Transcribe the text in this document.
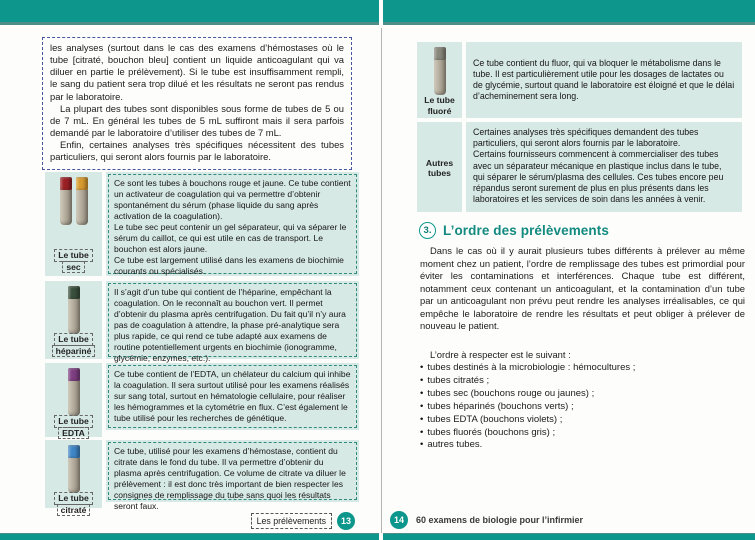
les analyses (surtout dans le cas des examens d’hémostases où le tube [citraté, bouchon bleu] contient un liquide anticoagulant qui va diluer en partie le prélèvement). Si le tube est insuffisamment rempli, le sang du patient sera trop dilué et les résultats ne seront pas rendus par le laboratoire.

La plupart des tubes sont disponibles sous forme de tubes de 5 ou de 7 mL. En général les tubes de 5 mL suffiront mais il sera parfois demandé par le laboratoire d’utiliser des tubes de 7 mL.

Enfin, certaines analyses très spécifiques nécessitent des tubes particuliers, qui seront alors fournis par le laboratoire.

Le tube
sec

Ce sont les tubes à bouchons rouge et jaune. Ce tube contient un activateur de coagulation qui va permettre d’obtenir spontanément du sérum (phase liquide du sang après activation de la coagulation).

Le tube sec peut contenir un gel séparateur, qui va séparer le sérum du caillot, ce qui est utile en cas de transport. Le bouchon est alors jaune.

Ce tube est largement utilisé dans les examens de biochimie courants ou spécialisés.

Le tube
hépariné

Il s’agit d’un tube qui contient de l’héparine, empêchant la coagulation. On le reconnaît au bouchon vert. Il permet d’obtenir du plasma après centrifugation. Du fait qu’il n’y aura pas de coagulation à attendre, la phase pré-analytique sera plus rapide, ce qui rend ce tube adapté aux examens de routine potentiellement urgents en biochimie (ionogramme, glycémie, enzymes, etc.).

Le tube
EDTA

Ce tube contient de l’EDTA, un chélateur du calcium qui inhibe la coagulation. Il sera surtout utilisé pour les examens réalisés sur sang total, surtout en hématologie cellulaire, pour réaliser les hémogrammes et la cytométrie en flux. C’est également le tube utilisé pour les recherches de génétique.

Le tube
citraté

Ce tube, utilisé pour les examens d’hémostase, contient du citrate dans le fond du tube. Il va permettre d’obtenir du plasma après centrifugation. Ce volume de citrate va diluer le prélèvement : il est donc très important de bien respecter les consignes de remplissage du tube sans quoi les résultats seront faux.

Les prélèvements	13
Le tube
fluoré

Ce tube contient du fluor, qui va bloquer le métabolisme dans le tube. Il est particulièrement utile pour les dosages de lactates ou de glycémie, surtout quand le laboratoire est éloigné et que le délai d’acheminement sera long.

Autres
tubes

Certaines analyses très spécifiques demandent des tubes particuliers, qui seront alors fournis par le laboratoire.

Certains fournisseurs commencent à commercialiser des tubes avec un séparateur mécanique en plastique inclus dans le tube, qui séparer le sérum/plasma des cellules. Ces tubes encore peu répandus seront surement de plus en plus présents dans les laboratoires et les services de soin dans les années à venir.

3. L’ordre des prélèvements

Dans le cas où il y aurait plusieurs tubes différents à prélever au même moment chez un patient, l’ordre de remplissage des tubes est primordial pour éviter les contaminations et interférences. Chaque tube est différent, notamment ceux contenant un anticoagulant, et la contamination d’un tube par un anticoagulant non prévu peut rendre les analyses irréalisables, ce qui empêche le laboratoire de rendre les résultats et peut obliger à prélever de nouveau le patient.

L’ordre à respecter est le suivant :

• tubes destinés à la microbiologie : hémocultures ;
• tubes citratés ;
• tubes sec (bouchons rouge ou jaunes) ;
• tubes héparinés (bouchons verts) ;
• tubes EDTA (bouchons violets) ;
• tubes fluorés (bouchons gris) ;
• autres tubes.
14	60 examens de biologie pour l’infirmier
